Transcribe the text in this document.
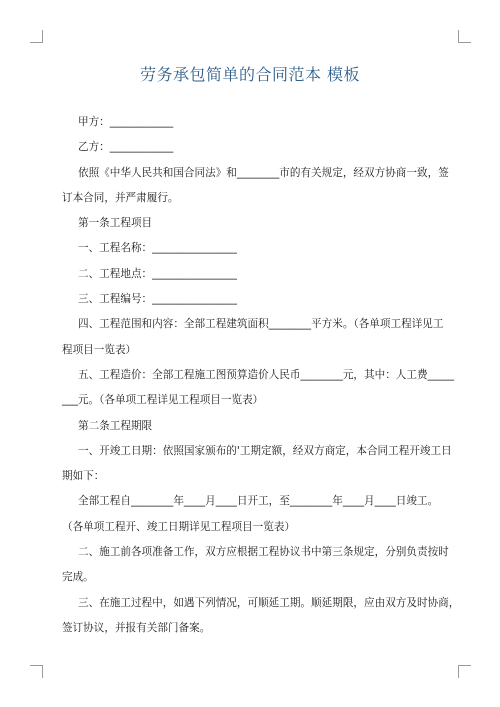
劳务承包简单的合同范本 模板

甲方：____________

乙方：____________

依照《中华人民共和国合同法》和________市的有关规定，经双方协商一致，签

订本合同，并严肃履行。

第一条工程项目

一、工程名称：________________

二、工程地点：________________

三、工程编号：________________

四、工程范围和内容：全部工程建筑面积________平方米。（各单项工程详见工

程项目一览表）

五、工程造价：全部工程施工图预算造价人民币________元，其中：人工费_____

___元。（各单项工程详见工程项目一览表）

第二条工程期限

一、开竣工日期：依照国家颁布的'工期定额，经双方商定，本合同工程开竣工日

期如下：

全部工程自________年____月____日开工，至________年____月____日竣工。

（各单项工程开、竣工日期详见工程项目一览表）

二、施工前各项准备工作，双方应根据工程协议书中第三条规定，分别负责按时

完成。

三、在施工过程中，如遇下列情况，可顺延工期。顺延期限，应由双方及时协商，

签订协议，并报有关部门备案。
